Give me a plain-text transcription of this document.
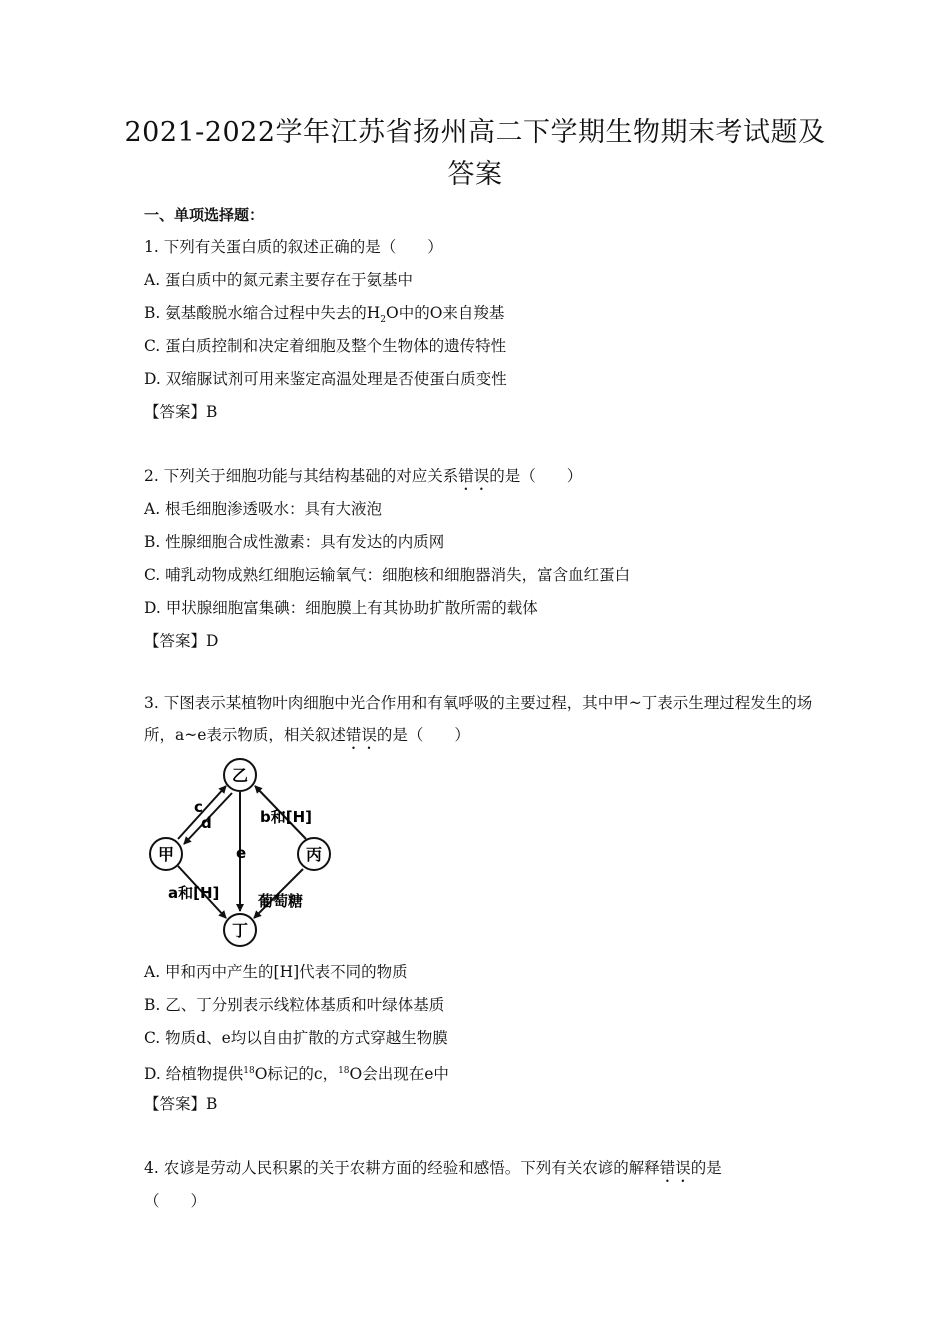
2021-2022学年江苏省扬州高二下学期生物期末考试题及答案
一、单项选择题：
1. 下列有关蛋白质的叙述正确的是（　　）
A. 蛋白质中的氮元素主要存在于氨基中
B. 氨基酸脱水缩合过程中失去的$H_2O$中的O来自羧基
C. 蛋白质控制和决定着细胞及整个生物体的遗传特性
D. 双缩脲试剂可用来鉴定高温处理是否使蛋白质变性
【答案】B
2. 下列关于细胞功能与其结构基础的对应关系错误的是（　　）
A. 根毛细胞渗透吸水：具有大液泡
B. 性腺细胞合成性激素：具有发达的内质网
C. 哺乳动物成熟红细胞运输氧气：细胞核和细胞器消失，富含血红蛋白
D. 甲状腺细胞富集碘：细胞膜上有其协助扩散所需的载体
【答案】D
3. 下图表示某植物叶肉细胞中光合作用和有氧呼吸的主要过程，其中甲~丁表示生理过程发生的场所，a~e表示物质，相关叙述错误的是（　　）
乙
甲	丙
丁
c
d
e
b和[H]
a和[H]	葡萄糖
A. 甲和丙中产生的[H]代表不同的物质
B. 乙、丁分别表示线粒体基质和叶绿体基质
C. 物质d、e均以自由扩散的方式穿越生物膜
D. 给植物提供$^{18}$O标记的c，$^{18}$O会出现在e中
【答案】B
4. 农谚是劳动人民积累的关于农耕方面的经验和感悟。下列有关农谚的解释错误的是
（　　）
